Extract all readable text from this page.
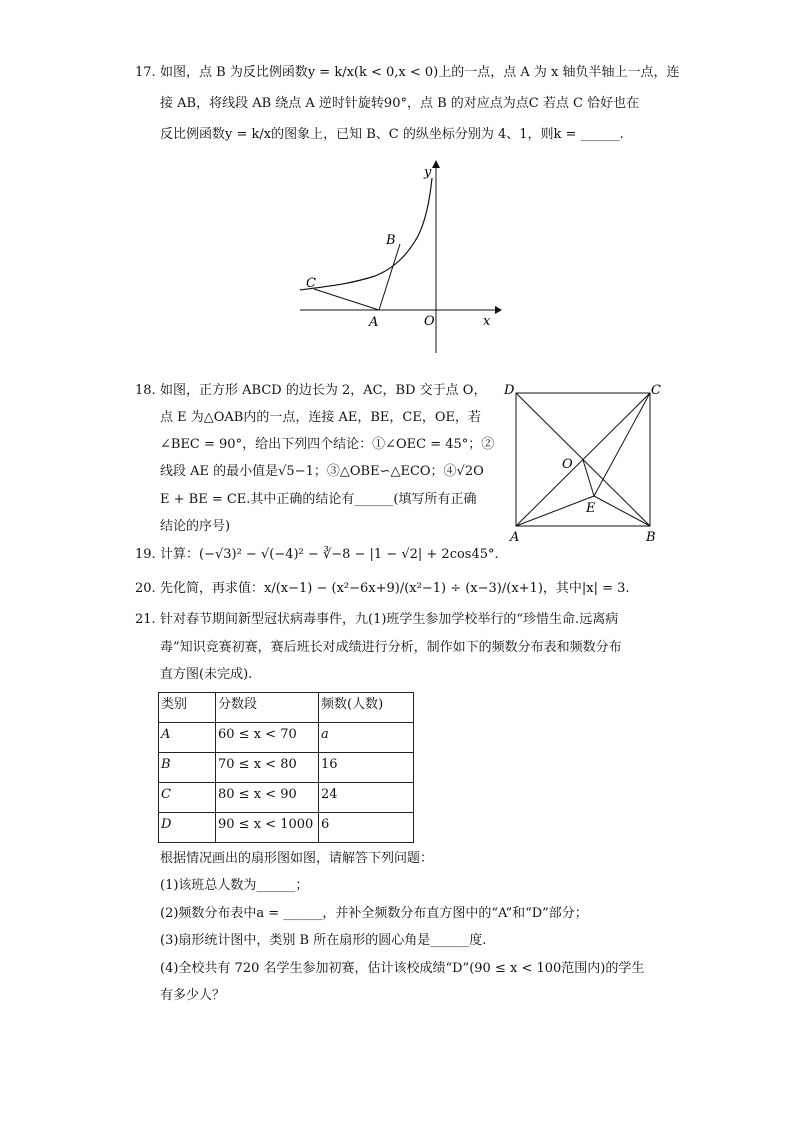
17. 如图，点 B 为反比例函数y = k/x(k < 0,x < 0)上的一点，点 A 为 x 轴负半轴上一点，连
接 AB，将线段 AB 绕点 A 逆时针旋转90°，点 B 的对应点为点C 若点 C 恰好也在
反比例函数y = k/x的图象上，已知 B、C 的纵坐标分别为 4、1，则k = ______.
y
x
O
A
B
C
18. 如图，正方形 ABCD 的边长为 2，AC，BD 交于点 O，
点 E 为△OAB内的一点，连接 AE，BE，CE，OE，若
∠BEC = 90°，给出下列四个结论：①∠OEC = 45°；②
线段 AE 的最小值是√5−1；③△OBE∽△ECO；④√2O
E + BE = CE.其中正确的结论有______(填写所有正确
结论的序号)
D	C
A	B
O
E
19. 计算：(−√3)² − √(−4)² − ∛−8 − |1 − √2| + 2cos45°.
20. 先化简，再求值：x/(x−1) − (x²−6x+9)/(x²−1) ÷ (x−3)/(x+1)，其中|x| = 3.
21. 针对春节期间新型冠状病毒事件，九(1)班学生参加学校举行的“珍惜生命.远离病
毒”知识竞赛初赛，赛后班长对成绩进行分析，制作如下的频数分布表和频数分布
直方图(未完成).
类别	分数段	频数(人数)
A	60 ≤ x < 70	a
B	70 ≤ x < 80	16
C	80 ≤ x < 90	24
D	90 ≤ x < 1000	6
根据情况画出的扇形图如图，请解答下列问题：
(1)该班总人数为______；
(2)频数分布表中a = ______，并补全频数分布直方图中的“A”和“D”部分；
(3)扇形统计图中，类别 B 所在扇形的圆心角是______度.
(4)全校共有 720 名学生参加初赛，估计该校成绩“D”(90 ≤ x < 100范围内)的学生
有多少人？
